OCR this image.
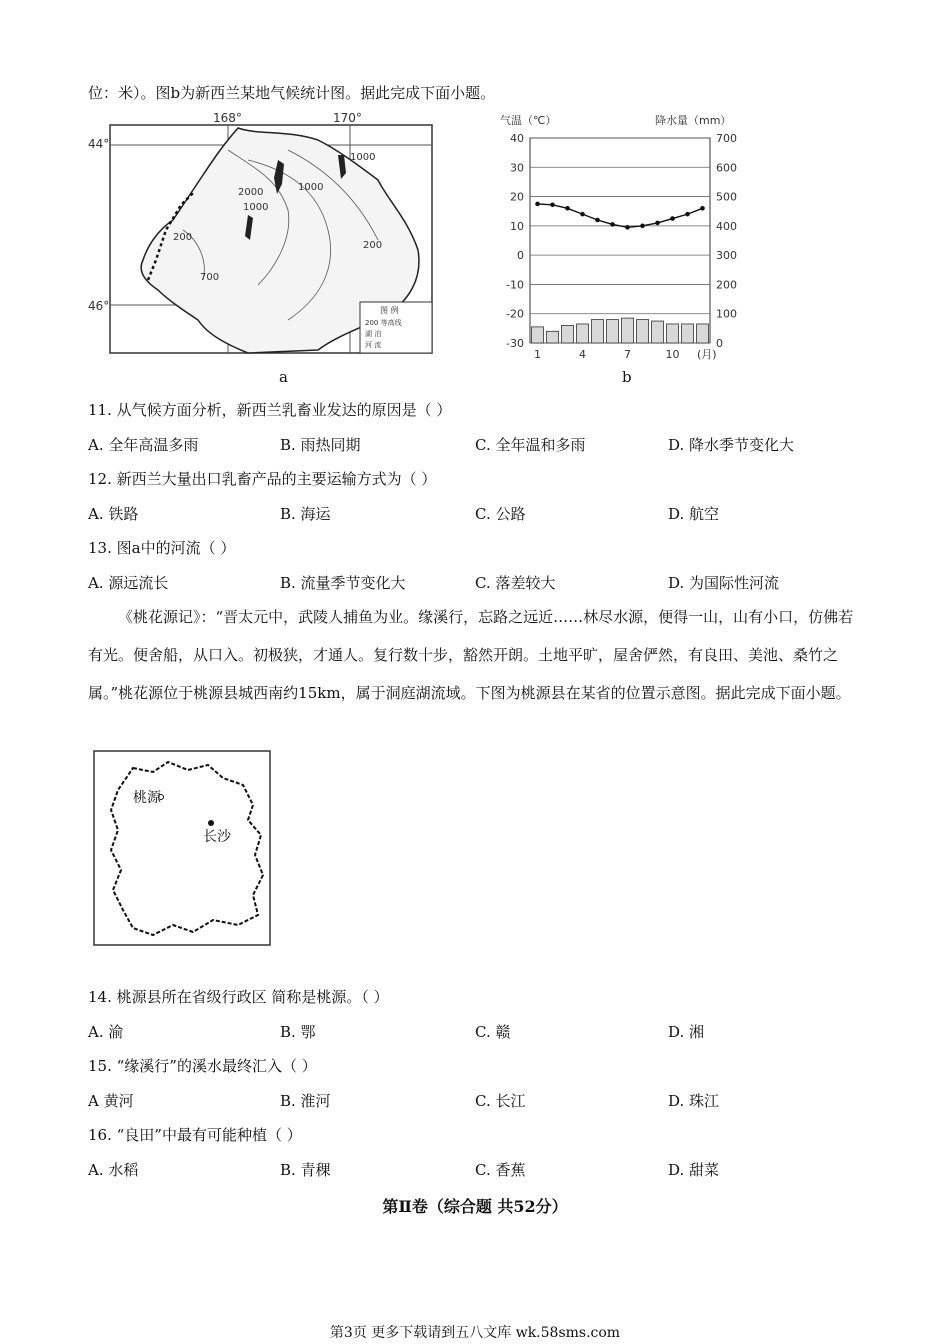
位：米）。图b为新西兰某地气候统计图。据此完成下面小题。
168°	170°
44°
46°
1000
2000	1000
1000
200
700
200
图 例
200 等高线
湖 泊
河 流
a
气温（℃）	降水量（mm）
40	700
30	600
20	500
10	400
0	300
-10	200
-20	100
-30	0
1	4	7	10 (月)
b
11. 从气候方面分析，新西兰乳畜业发达的原因是（ ）
A. 全年高温多雨	B. 雨热同期	C. 全年温和多雨	D. 降水季节变化大
12. 新西兰大量出口乳畜产品的主要运输方式为（ ）
A. 铁路	B. 海运	C. 公路	D. 航空
13. 图a中的河流（ ）
A. 源远流长	B. 流量季节变化大	C. 落差较大	D. 为国际性河流
《桃花源记》：“晋太元中，武陵人捕鱼为业。缘溪行，忘路之远近……林尽水源，便得一山，山有小口，仿佛若有光。便舍船，从口入。初极狭，才通人。复行数十步，豁然开朗。土地平旷，屋舍俨然，有良田、美池、桑竹之属。”桃花源位于桃源县城西南约15km，属于洞庭湖流域。下图为桃源县在某省的位置示意图。据此完成下面小题。
桃源
长沙
14. 桃源县所在省级行政区 简称是桃源。（ ）
A. 渝	B. 鄂	C. 赣	D. 湘
15. “缘溪行”的溪水最终汇入（ ）
A 黄河	B. 淮河	C. 长江	D. 珠江
16. “良田”中最有可能种植（ ）
A. 水稻	B. 青稞	C. 香蕉	D. 甜菜
第Ⅱ卷（综合题 共52分）
第3页 更多下载请到五八文库 wk.58sms.com
